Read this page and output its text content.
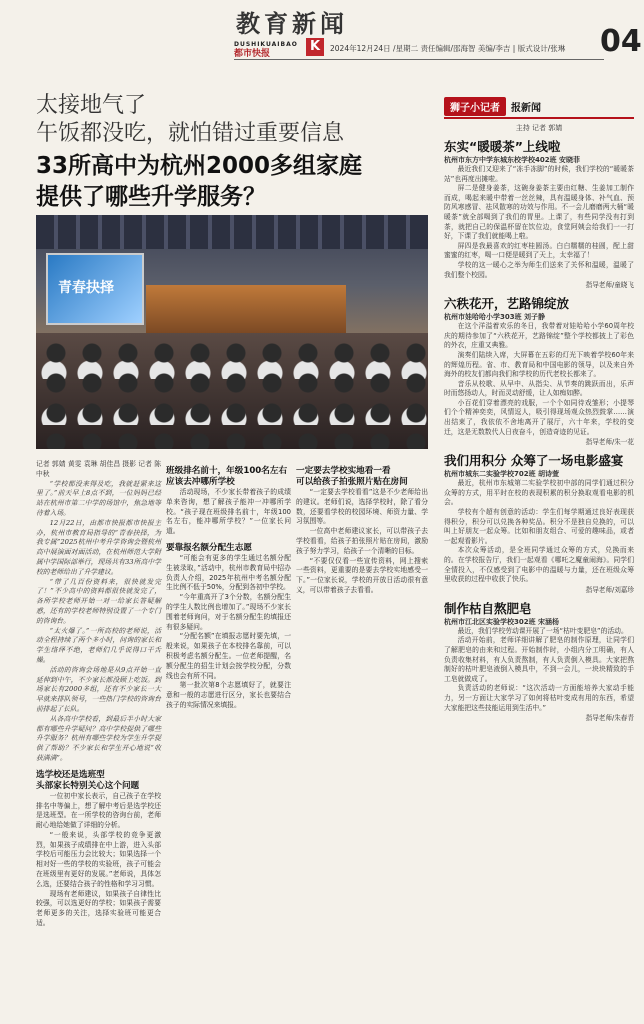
教育新闻
DUSHIKUAIBAO
都市快报	K	2024年12月24日 /星期二 责任编辑/邵海智 美编/李吉 | 版式设计/张琳 04
太接地气了
午饭都没吃，就怕错过重要信息
33所高中为杭州2000多组家庭
提供了哪些升学服务？
青春抉择
狮子小记者	报新闻
主持 记者 郭婧
东实“暖暖茶”上线啦
杭州市东方中学东城东校学校402班 安晓菲

最近我们又迎来了“冻手冻脚”的时候，我们学校的“暖暖茶站”也再度出摊啦。

屏二是健身姜茶，这碗身姜茶主要由红糖、生姜加工制作而成，喝起来暖中带着一丝丝辣，具有温暖身体、补气血、预防风寒感冒、祛风散寒的功效与作用。不一会儿磨磨两大桶“暖暖茶”就全部喝到了我们的胃里。上课了，有些同学没有打到茶，就把自己的保温杯留在饮位边，食堂阿姨会给我们一一打好，下课了我们就能喝上啦。

屏四是我最喜欢的红枣桂圆汤。白白糯糯的桂圆，配上甜蜜蜜的红枣，喝一口便是暖到了天上，太幸福了！

学校的这一暖心之举为师生们送来了关怀和温暖，温暖了我们整个校园。

指导老师/童晓飞
六秩花开，艺路锦绽放
杭州市娃哈哈小学303班 刘子静

在这个洋溢着欢乐的冬日，我带着对娃哈哈小学60周年校庆的期待参加了“六秩花开，艺路锦绽”整个学校都披上了彩色的外衣，庄重又典雅。

演奏们陆续入席，大屏幕在五彩的灯光下映着学校60年来的辉煌历程。省、市、教育局和中国电影的领导，以及来自外海外的校友们都向我们和学校的历代老校长都来了。

音乐从校歌、从早中、从指尖、从节奏的跳跃而出，乐声时而悠扬动人，时而灵动舒缓，让人如痴如醉。

小百花们穿着漂亮的戏服，一个个如同待戏雏形；小提琴们个个精神奕奕，风情逗人，吸引得现场观众热烈鼓掌……演出结束了，我依依不舍地离开了展厅，六十年来，学校的变迁，这是无数数代人日夜奋斗，创造奇迹的见证。

指导老师/朱一花
我们用积分 众筹了一场电影盛宴
杭州市城东二实验学校702班 胡诗萱

最近，杭州市东城第二实验学校初中部的同学们通过积分众筹的方式，用平时在校的表现积累的积分换取观看电影的机会。

学校有个超有创意的活动：学生们每学期通过良好表现获得积分，积分可以兑换各种奖品。积分不是独自兑换的，可以叫上好朋友一起众筹。比如和朋友组合、可爱的趣味品，或者一起观看影片。

本次众筹活动，是全班同学通过众筹的方式，兑换而来的。在学校报告厅，我们一起观看《哪吒之魔童闹海》。同学们全情投入，不仅感受到了电影中的温暖与力量，还在班级众筹里收获的过程中收获了快乐。

指导老师/刘嘉珍
制作枯自熬肥皂
杭州市江北区实验学校302班 宋涵杨

最近，我们学校劳动课开展了一场“枯叶变肥皂”的活动。

活动开始前，老师详细讲解了肥皂的制作原理，让同学们了解肥皂的由来和过程。开始制作时，小组内分工明确，有人负责收集材料，有人负责熬制，有人负责倒入模具。大家把熬制好的枯叶肥皂液倒入模具中，不到一会儿，一块块精致的手工皂就做成了。

负责活动的老师说：“这次活动一方面能培养大家动手能力，另一方面让大家学习了如何将枯叶变成有用的东西，希望大家能把这些技能运用到生活中。”

指导老师/朱春青

记者 郭婧 黄雯 袁琳 胡佳昌 摄影 记者 陈中秋

“学校都没来得及吃，我就赶紧来这里了。”前天早上8点不到，一位妈妈已经站在杭州市第二中学的场馆中，焦急地等待着入场。

12月22日，由都市快报都市快报主办，杭州市教育局指导的“青春抉择，为我专属”2025杭州中考升学咨询会暨杭州高中展演面对面活动，在杭州师范大学附属中学国际部举行，现场共有33所高中学校的老师给出了升学建议。

“带了几百份资料来，很快就发完了！”不少高中的资料都很快就发完了，各所学校老师开始一对一给家长答疑解惑，还有的学校老师特别设置了一个专门的咨询台。

“太火爆了。”一所高校的老师说，活动全程持续了两个多小时，问询的家长和学生络绎不绝，老师们几乎说得口干舌燥。

活动的咨询会场地是从9点开始一直延伸到中午，不少家长都没顾上吃饭。到场家长有2000多组，还有不少家长一大早就来排队领号，一些热门学校的咨询台前排起了长队。

从各高中学校看，到最后半小时大家都有哪些升学疑问？高中学校提供了哪些升学服务？杭州有哪些学校为学生升学提供了帮助？不少家长和学生开心地说“收获满满”。

选学校还是选班型
头部家长特别关心这个问题

一位初中家长表示，自己孩子在学校排名中等偏上，想了解中考后是选学校还是选班型。在一所学校的咨询台前，老师耐心地给她做了详细的分析。

“一般来说，头部学校的竞争更激烈，如果孩子成绩排在中上游，进入头部学校后可能压力会比较大；如果选择一个相对好一些的学校的实验班，孩子可能会在班级里有更好的发展。”老师说，具体怎么选，还要结合孩子的性格和学习习惯。

现场有老师建议，如果孩子自律性比较强，可以选更好的学校；如果孩子需要老师更多的关注，选择实验班可能更合适。

班级排名前十，年级100名左右
应该去冲哪所学校

活动现场，不少家长带着孩子的成绩单来咨询，想了解孩子能冲一冲哪所学校。“孩子现在班级排名前十，年级100名左右，能冲哪所学校？”一位家长问道。

要靠报名额分配生志愿

“可能会有更多的学生通过名额分配生被录取，”活动中，杭州市教育局中招办负责人介绍，2025年杭州中考名额分配生比例不低于50%，分配到各初中学校。

“今年重高开了3个分数，名额分配生的学生人数比例也增加了。”现场不少家长围着老师询问，对于名额分配生的填报还有很多疑问。

“分配名额”在填报志愿时要先填，一般来说，如果孩子在本校排名靠前，可以积极考虑名额分配生。一位老师提醒，名额分配生的招生计划会按学校分配，分数线也会有所不同。

第一批次第8个志愿填好了，就要注意和一般的志愿进行区分，家长也要结合孩子的实际情况来填报。

一定要去学校实地看一看
可以给孩子拍张照片贴在房间

“一定要去学校看看”这是不少老师给出的建议。老师们说，选择学校时，除了看分数，还要看学校的校园环境、师资力量、学习氛围等。

一位高中老师建议家长，可以带孩子去学校看看，给孩子拍张照片贴在房间，激励孩子努力学习，给孩子一个清晰的目标。

“不要仅仅看一些宣传资料，网上搜索一些资料，更重要的是要去学校实地感受一下。”一位家长说，学校的开放日活动很有意义，可以带着孩子去看看。
